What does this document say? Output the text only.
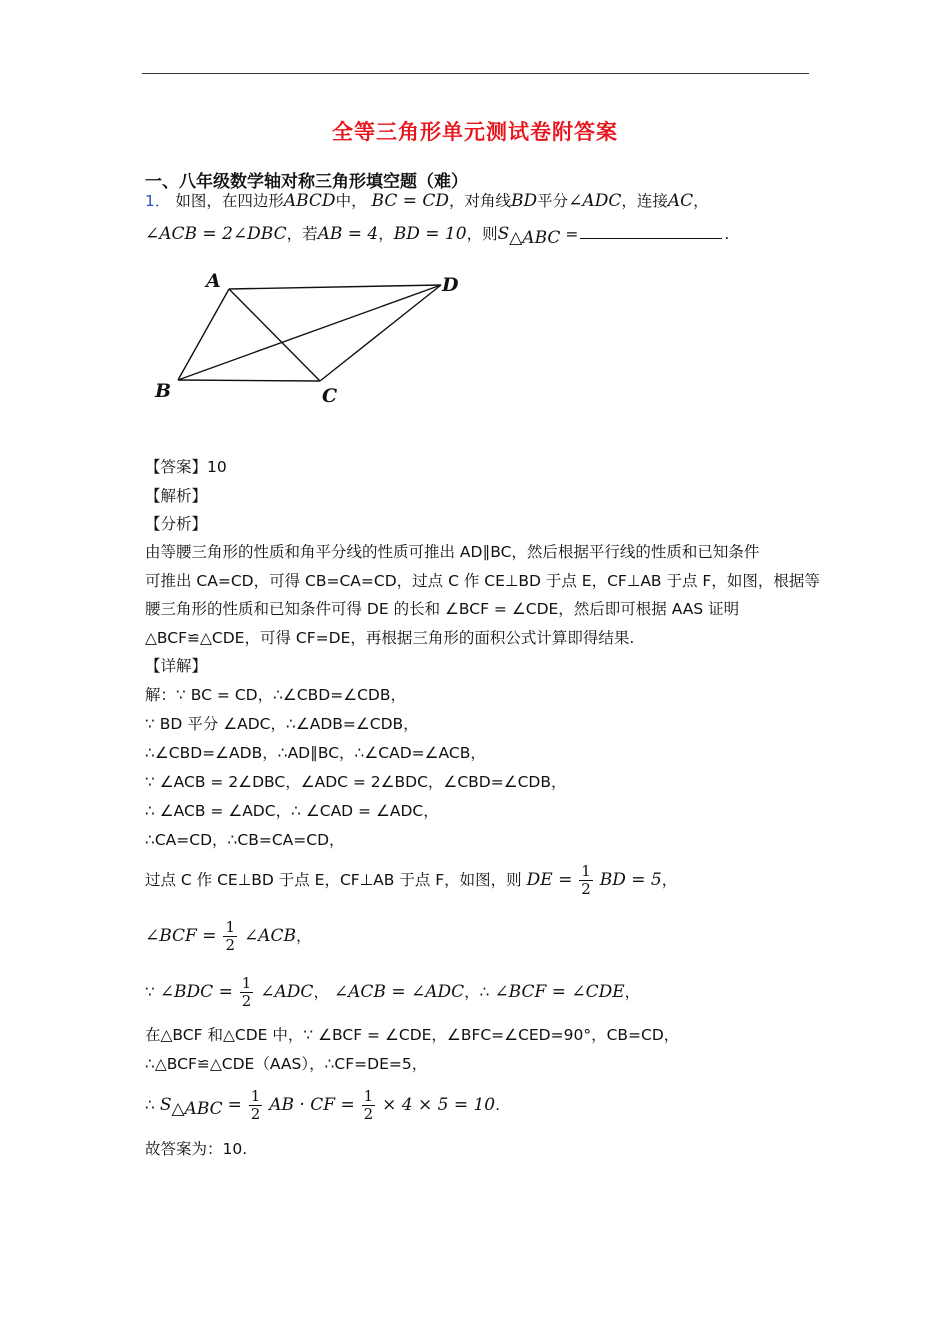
全等三角形单元测试卷附答案
一、八年级数学轴对称三角形填空题（难）
1． 如图，在四边形ABCD中， BC = CD，对角线BD平分∠ADC，连接AC，
∠ACB = 2∠DBC，若AB = 4，BD = 10，则$S_{\triangle ABC}$ =	.
A	D
B	C
【答案】10
【解析】
【分析】
由等腰三角形的性质和角平分线的性质可推出 AD∥BC，然后根据平行线的性质和已知条件
可推出 CA=CD，可得 CB=CA=CD，过点 C 作 CE⊥BD 于点 E，CF⊥AB 于点 F，如图，根据等
腰三角形的性质和已知条件可得 DE 的长和 ∠BCF = ∠CDE，然后即可根据 AAS 证明
△BCF≌△CDE，可得 CF=DE，再根据三角形的面积公式计算即得结果.
【详解】
解：∵ BC = CD，∴∠CBD=∠CDB，
∵ BD 平分 ∠ADC，∴∠ADB=∠CDB，
∴∠CBD=∠ADB，∴AD∥BC，∴∠CAD=∠ACB，
∵ ∠ACB = 2∠DBC，∠ADC = 2∠BDC，∠CBD=∠CDB，
∴ ∠ACB = ∠ADC，∴ ∠CAD = ∠ADC，
∴CA=CD，∴CB=CA=CD，
过点 C 作 CE⊥BD 于点 E，CF⊥AB 于点 F，如图，则 DE = $\frac{1}{2}$ BD = 5，
∠BCF = $\frac{1}{2}$ ∠ACB，
∵ ∠BDC = $\frac{1}{2}$ ∠ADC， ∠ACB = ∠ADC，∴ ∠BCF = ∠CDE，
在△BCF 和△CDE 中，∵ ∠BCF = ∠CDE，∠BFC=∠CED=90°，CB=CD，
∴△BCF≌△CDE（AAS），∴CF=DE=5，
∴ $S_{\triangle ABC} = \frac{1}{2}$ AB · CF = $\frac{1}{2} \times 4 \times 5 = 10$.
故答案为：10.
